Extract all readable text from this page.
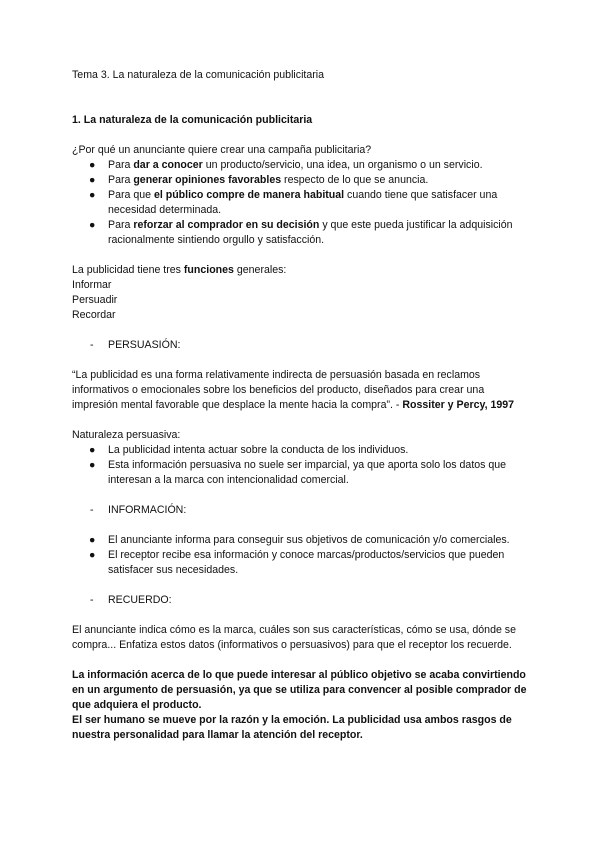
Tema 3. La naturaleza de la comunicación publicitaria

1. La naturaleza de la comunicación publicitaria

¿Por qué un anunciante quiere crear una campaña publicitaria?

● Para dar a conocer un producto/servicio, una idea, un organismo o un servicio.
● Para generar opiniones favorables respecto de lo que se anuncia.
● Para que el público compre de manera habitual cuando tiene que satisfacer una necesidad determinada.
● Para reforzar al comprador en su decisión y que este pueda justificar la adquisición racionalmente sintiendo orgullo y satisfacción.

La publicidad tiene tres funciones generales:

Informar

Persuadir

Recordar

- PERSUASIÓN:

“La publicidad es una forma relativamente indirecta de persuasión basada en reclamos informativos o emocionales sobre los beneficios del producto, diseñados para crear una impresión mental favorable que desplace la mente hacia la compra”. - Rossiter y Percy, 1997

Naturaleza persuasiva:

● La publicidad intenta actuar sobre la conducta de los individuos.
● Esta información persuasiva no suele ser imparcial, ya que aporta solo los datos que interesan a la marca con intencionalidad comercial.

- INFORMACIÓN:

● El anunciante informa para conseguir sus objetivos de comunicación y/o comerciales.
● El receptor recibe esa información y conoce marcas/productos/servicios que pueden satisfacer sus necesidades.

- RECUERDO:

El anunciante indica cómo es la marca, cuáles son sus características, cómo se usa, dónde se compra... Enfatiza estos datos (informativos o persuasivos) para que el receptor los recuerde.

La información acerca de lo que puede interesar al público objetivo se acaba convirtiendo en un argumento de persuasión, ya que se utiliza para convencer al posible comprador de que adquiera el producto.

El ser humano se mueve por la razón y la emoción. La publicidad usa ambos rasgos de nuestra personalidad para llamar la atención del receptor.
